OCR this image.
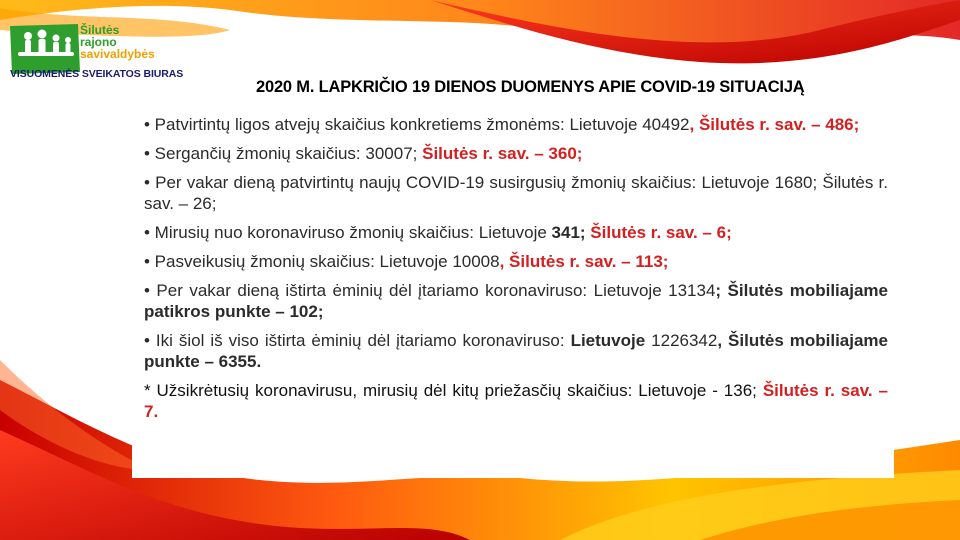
Šilutės
rajono
savivaldybės
VISUOMENĖS SVEIKATOS BIURAS
2020 M. LAPKRIČIO 19 DIENOS DUOMENYS APIE COVID-19 SITUACIJĄ
• Patvirtintų ligos atvejų skaičius konkretiems žmonėms: Lietuvoje 40492, Šilutės r. sav. – 486;
• Sergančių žmonių skaičius: 30007; Šilutės r. sav. – 360;
• Per vakar dieną patvirtintų naujų COVID-19 susirgusių žmonių skaičius: Lietuvoje 1680; Šilutės r. sav. – 26;
• Mirusių nuo koronaviruso žmonių skaičius: Lietuvoje 341; Šilutės r. sav. – 6;
• Pasveikusių žmonių skaičius: Lietuvoje 10008, Šilutės r. sav. – 113;
• Per vakar dieną ištirta ėminių dėl įtariamo koronaviruso: Lietuvoje 13134; Šilutės mobiliajame patikros punkte – 102;
• Iki šiol iš viso ištirta ėminių dėl įtariamo koronaviruso: Lietuvoje 1226342, Šilutės mobiliajame punkte – 6355.
* Užsikrėtusių koronavirusu, mirusių dėl kitų priežasčių skaičius: Lietuvoje - 136; Šilutės r. sav. – 7.
